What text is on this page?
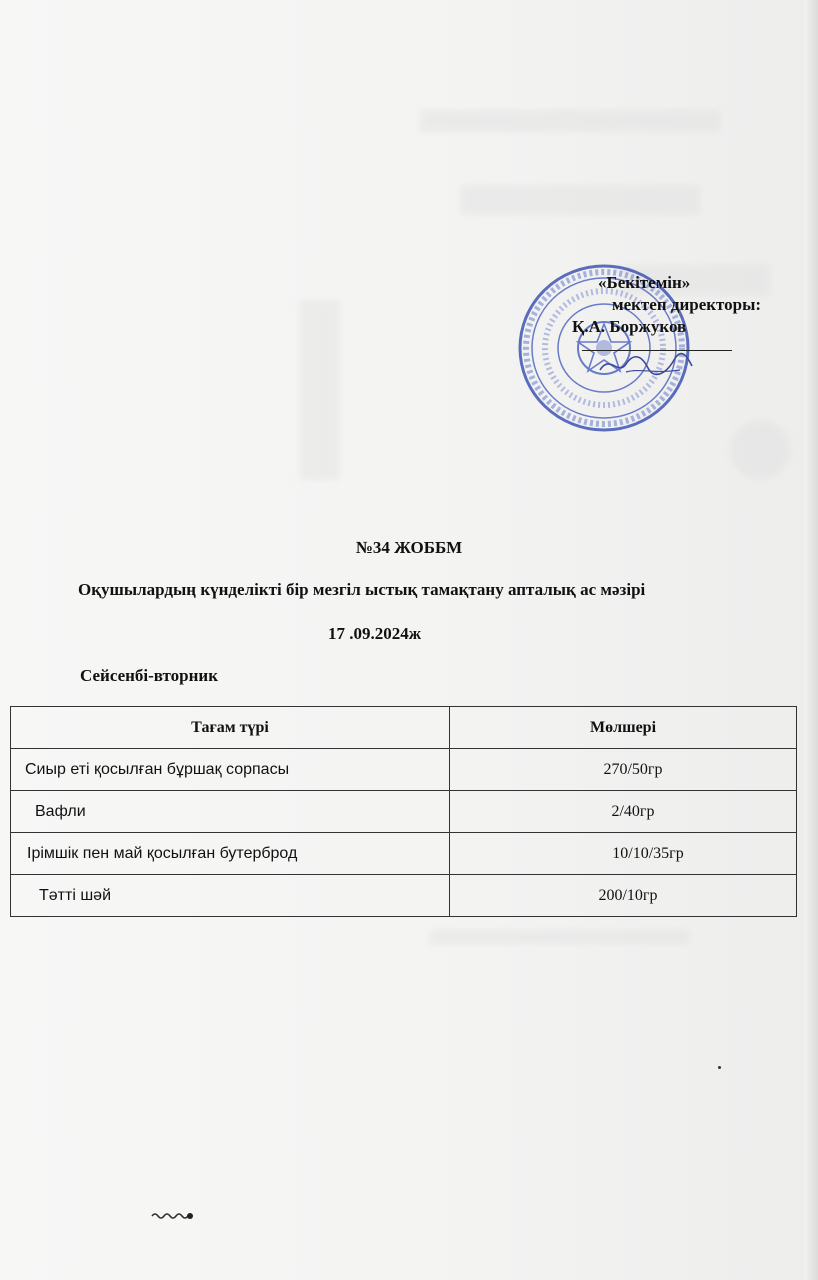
«Бекітемін»
мектеп директоры:
Қ.А. Боржуков
№34 ЖОББМ
Оқушылардың күнделікті бір мезгіл ыстық тамақтану апталық ас мәзірі
17 .09.2024ж
Сейсенбі-вторник
Тағам түрі	Мөлшері
Сиыр еті қосылған бұршақ сорпасы	270/50гр
Вафли	2/40гр
Ірімшік пен май қосылған бутерброд	10/10/35гр
Тәтті шәй	200/10гр
